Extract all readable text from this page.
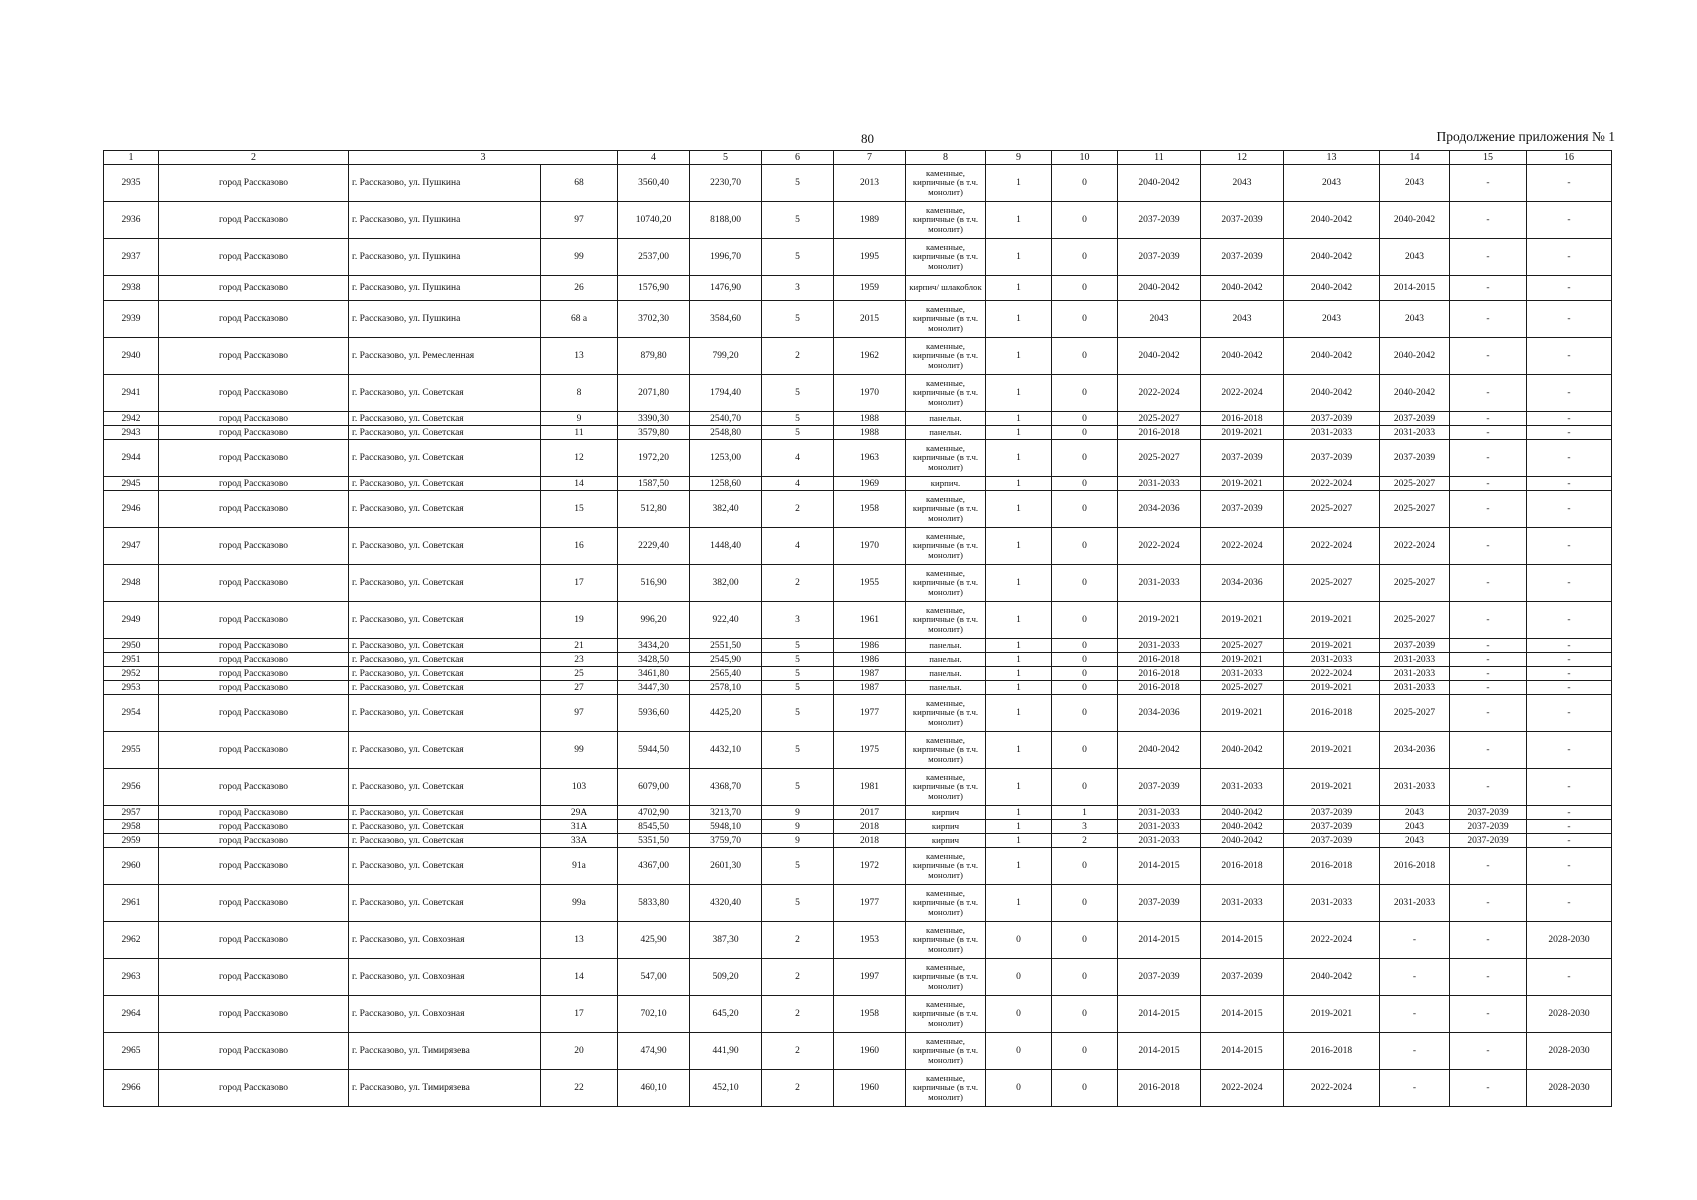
80	Продолжение приложения № 1
1	2	3		4	5	6	7	8	9	10	11	12	13	14	15	16
2935	город Рассказово	г. Рассказово, ул. Пушкина	68	3560,40	2230,70	5	2013	каменные, кирпичные (в т.ч. монолит)	1	0	2040-2042	2043	2043	2043	-	-
2936	город Рассказово	г. Рассказово, ул. Пушкина	97	10740,20	8188,00	5	1989	каменные, кирпичные (в т.ч. монолит)	1	0	2037-2039	2037-2039	2040-2042	2040-2042	-	-
2937	город Рассказово	г. Рассказово, ул. Пушкина	99	2537,00	1996,70	5	1995	каменные, кирпичные (в т.ч. монолит)	1	0	2037-2039	2037-2039	2040-2042	2043	-	-
2938	город Рассказово	г. Рассказово, ул. Пушкина	26	1576,90	1476,90	3	1959	кирпич/ шлакоблок	1	0	2040-2042	2040-2042	2040-2042	2014-2015	-	-
2939	город Рассказово	г. Рассказово, ул. Пушкина	68 а	3702,30	3584,60	5	2015	каменные, кирпичные (в т.ч. монолит)	1	0	2043	2043	2043	2043	-	-
2940	город Рассказово	г. Рассказово, ул. Ремесленная	13	879,80	799,20	2	1962	каменные, кирпичные (в т.ч. монолит)	1	0	2040-2042	2040-2042	2040-2042	2040-2042	-	-
2941	город Рассказово	г. Рассказово, ул. Советская	8	2071,80	1794,40	5	1970	каменные, кирпичные (в т.ч. монолит)	1	0	2022-2024	2022-2024	2040-2042	2040-2042	-	-
2942	город Рассказово	г. Рассказово, ул. Советская	9	3390,30	2540,70	5	1988	панельн.	1	0	2025-2027	2016-2018	2037-2039	2037-2039	-	-
2943	город Рассказово	г. Рассказово, ул. Советская	11	3579,80	2548,80	5	1988	панельн.	1	0	2016-2018	2019-2021	2031-2033	2031-2033	-	-
2944	город Рассказово	г. Рассказово, ул. Советская	12	1972,20	1253,00	4	1963	каменные, кирпичные (в т.ч. монолит)	1	0	2025-2027	2037-2039	2037-2039	2037-2039	-	-
2945	город Рассказово	г. Рассказово, ул. Советская	14	1587,50	1258,60	4	1969	кирпич.	1	0	2031-2033	2019-2021	2022-2024	2025-2027	-	-
2946	город Рассказово	г. Рассказово, ул. Советская	15	512,80	382,40	2	1958	каменные, кирпичные (в т.ч. монолит)	1	0	2034-2036	2037-2039	2025-2027	2025-2027	-	-
2947	город Рассказово	г. Рассказово, ул. Советская	16	2229,40	1448,40	4	1970	каменные, кирпичные (в т.ч. монолит)	1	0	2022-2024	2022-2024	2022-2024	2022-2024	-	-
2948	город Рассказово	г. Рассказово, ул. Советская	17	516,90	382,00	2	1955	каменные, кирпичные (в т.ч. монолит)	1	0	2031-2033	2034-2036	2025-2027	2025-2027	-	-
2949	город Рассказово	г. Рассказово, ул. Советская	19	996,20	922,40	3	1961	каменные, кирпичные (в т.ч. монолит)	1	0	2019-2021	2019-2021	2019-2021	2025-2027	-	-
2950	город Рассказово	г. Рассказово, ул. Советская	21	3434,20	2551,50	5	1986	панельн.	1	0	2031-2033	2025-2027	2019-2021	2037-2039	-	-
2951	город Рассказово	г. Рассказово, ул. Советская	23	3428,50	2545,90	5	1986	панельн.	1	0	2016-2018	2019-2021	2031-2033	2031-2033	-	-
2952	город Рассказово	г. Рассказово, ул. Советская	25	3461,80	2565,40	5	1987	панельн.	1	0	2016-2018	2031-2033	2022-2024	2031-2033	-	-
2953	город Рассказово	г. Рассказово, ул. Советская	27	3447,30	2578,10	5	1987	панельн.	1	0	2016-2018	2025-2027	2019-2021	2031-2033	-	-
2954	город Рассказово	г. Рассказово, ул. Советская	97	5936,60	4425,20	5	1977	каменные, кирпичные (в т.ч. монолит)	1	0	2034-2036	2019-2021	2016-2018	2025-2027	-	-
2955	город Рассказово	г. Рассказово, ул. Советская	99	5944,50	4432,10	5	1975	каменные, кирпичные (в т.ч. монолит)	1	0	2040-2042	2040-2042	2019-2021	2034-2036	-	-
2956	город Рассказово	г. Рассказово, ул. Советская	103	6079,00	4368,70	5	1981	каменные, кирпичные (в т.ч. монолит)	1	0	2037-2039	2031-2033	2019-2021	2031-2033	-	-
2957	город Рассказово	г. Рассказово, ул. Советская	29А	4702,90	3213,70	9	2017	кирпич	1	1	2031-2033	2040-2042	2037-2039	2043	2037-2039	-
2958	город Рассказово	г. Рассказово, ул. Советская	31А	8545,50	5948,10	9	2018	кирпич	1	3	2031-2033	2040-2042	2037-2039	2043	2037-2039	-
2959	город Рассказово	г. Рассказово, ул. Советская	33А	5351,50	3759,70	9	2018	кирпич	1	2	2031-2033	2040-2042	2037-2039	2043	2037-2039	-
2960	город Рассказово	г. Рассказово, ул. Советская	91а	4367,00	2601,30	5	1972	каменные, кирпичные (в т.ч. монолит)	1	0	2014-2015	2016-2018	2016-2018	2016-2018	-	-
2961	город Рассказово	г. Рассказово, ул. Советская	99а	5833,80	4320,40	5	1977	каменные, кирпичные (в т.ч. монолит)	1	0	2037-2039	2031-2033	2031-2033	2031-2033	-	-
2962	город Рассказово	г. Рассказово, ул. Совхозная	13	425,90	387,30	2	1953	каменные, кирпичные (в т.ч. монолит)	0	0	2014-2015	2014-2015	2022-2024	-	-	2028-2030
2963	город Рассказово	г. Рассказово, ул. Совхозная	14	547,00	509,20	2	1997	каменные, кирпичные (в т.ч. монолит)	0	0	2037-2039	2037-2039	2040-2042	-	-	-
2964	город Рассказово	г. Рассказово, ул. Совхозная	17	702,10	645,20	2	1958	каменные, кирпичные (в т.ч. монолит)	0	0	2014-2015	2014-2015	2019-2021	-	-	2028-2030
2965	город Рассказово	г. Рассказово, ул. Тимирязева	20	474,90	441,90	2	1960	каменные, кирпичные (в т.ч. монолит)	0	0	2014-2015	2014-2015	2016-2018	-	-	2028-2030
2966	город Рассказово	г. Рассказово, ул. Тимирязева	22	460,10	452,10	2	1960	каменные, кирпичные (в т.ч. монолит)	0	0	2016-2018	2022-2024	2022-2024	-	-	2028-2030
